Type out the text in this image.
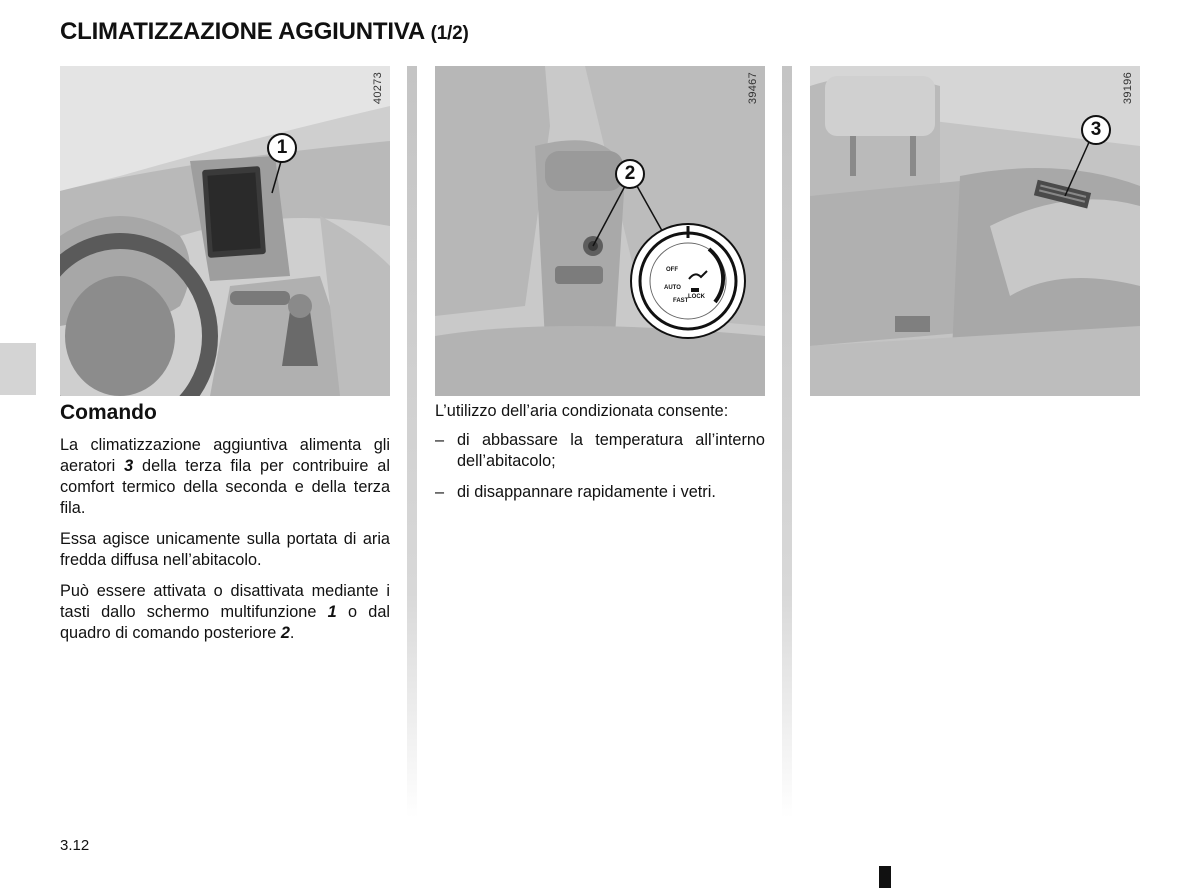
CLIMATIZZAZIONE AGGIUNTIVA (1/2)
1
40273
OFF
AUTO
FAST
LOCK
2
39467
3
39196
Comando

La climatizzazione aggiuntiva alimenta gli aeratori 3 della terza fila per contribuire al comfort termico della seconda e della terza fila.

Essa agisce unicamente sulla portata di aria fredda diffusa nell’abitacolo.

Può essere attivata o disattivata mediante i tasti dallo schermo multifunzione 1 o dal quadro di comando posteriore 2.

L’utilizzo dell’aria condizionata consente:

– di abbassare la temperatura all’interno dell’abitacolo;
– di disappannare rapidamente i vetri.
3.12
